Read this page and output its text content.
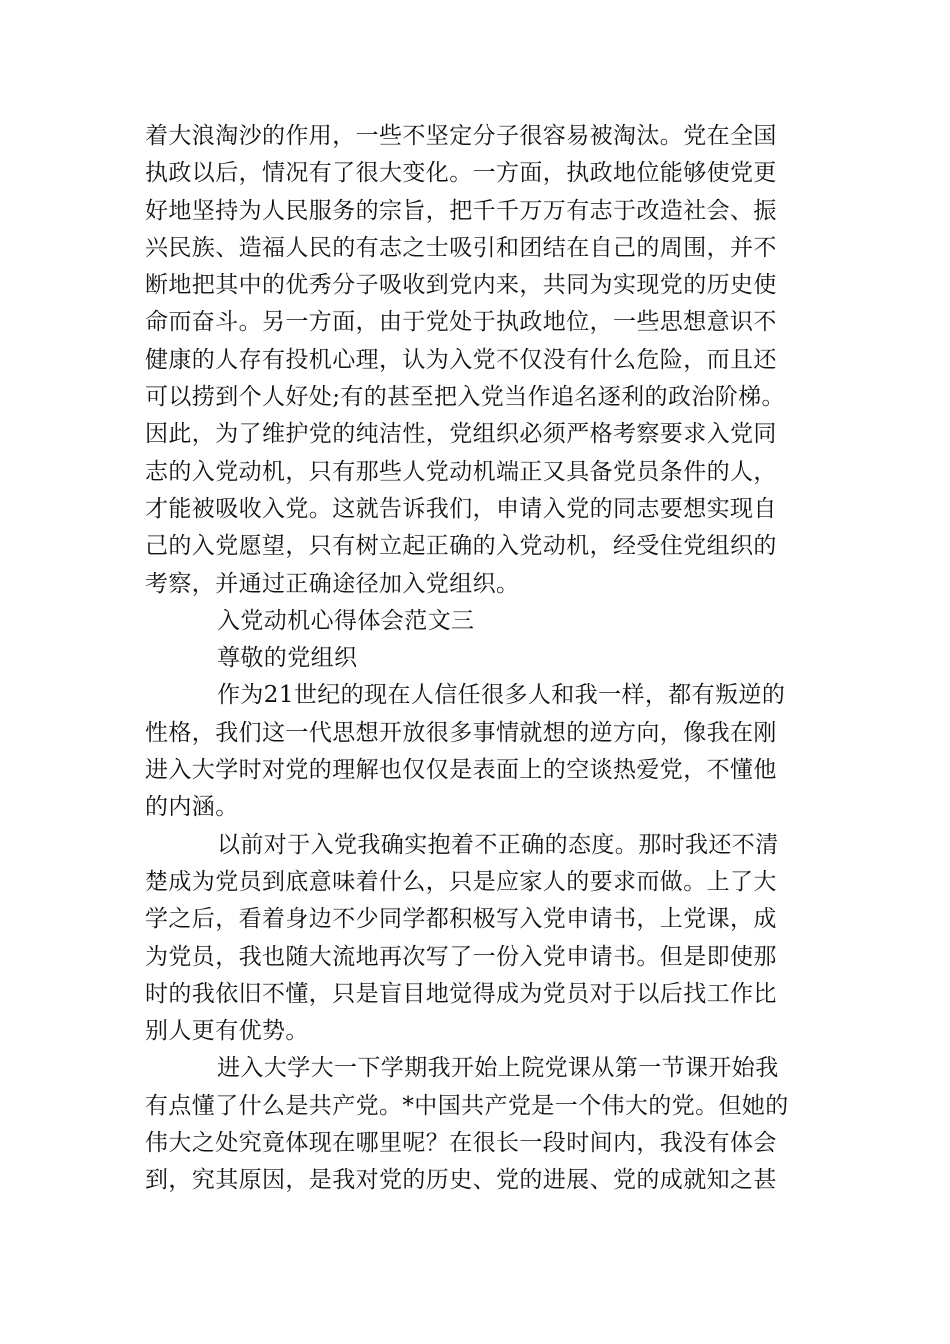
着大浪淘沙的作用，一些不坚定分子很容易被淘汰。党在全国
执政以后，情况有了很大变化。一方面，执政地位能够使党更
好地坚持为人民服务的宗旨，把千千万万有志于改造社会、振
兴民族、造福人民的有志之士吸引和团结在自己的周围，并不
断地把其中的优秀分子吸收到党内来，共同为实现党的历史使
命而奋斗。另一方面，由于党处于执政地位，一些思想意识不
健康的人存有投机心理，认为入党不仅没有什么危险，而且还
可以捞到个人好处;有的甚至把入党当作追名逐利的政治阶梯。
因此，为了维护党的纯洁性，党组织必须严格考察要求入党同
志的入党动机，只有那些人党动机端正又具备党员条件的人，
才能被吸收入党。这就告诉我们，申请入党的同志要想实现自
己的入党愿望，只有树立起正确的入党动机，经受住党组织的
考察，并通过正确途径加入党组织。
入党动机心得体会范文三
尊敬的党组织
作为21世纪的现在人信任很多人和我一样，都有叛逆的
性格，我们这一代思想开放很多事情就想的逆方向，像我在刚
进入大学时对党的理解也仅仅是表面上的空谈热爱党，不懂他
的内涵。
以前对于入党我确实抱着不正确的态度。那时我还不清
楚成为党员到底意味着什么，只是应家人的要求而做。上了大
学之后，看着身边不少同学都积极写入党申请书，上党课，成
为党员，我也随大流地再次写了一份入党申请书。但是即使那
时的我依旧不懂，只是盲目地觉得成为党员对于以后找工作比
别人更有优势。
进入大学大一下学期我开始上院党课从第一节课开始我
有点懂了什么是共产党。*中国共产党是一个伟大的党。但她的
伟大之处究竟体现在哪里呢？在很长一段时间内，我没有体会
到，究其原因，是我对党的历史、党的进展、党的成就知之甚
